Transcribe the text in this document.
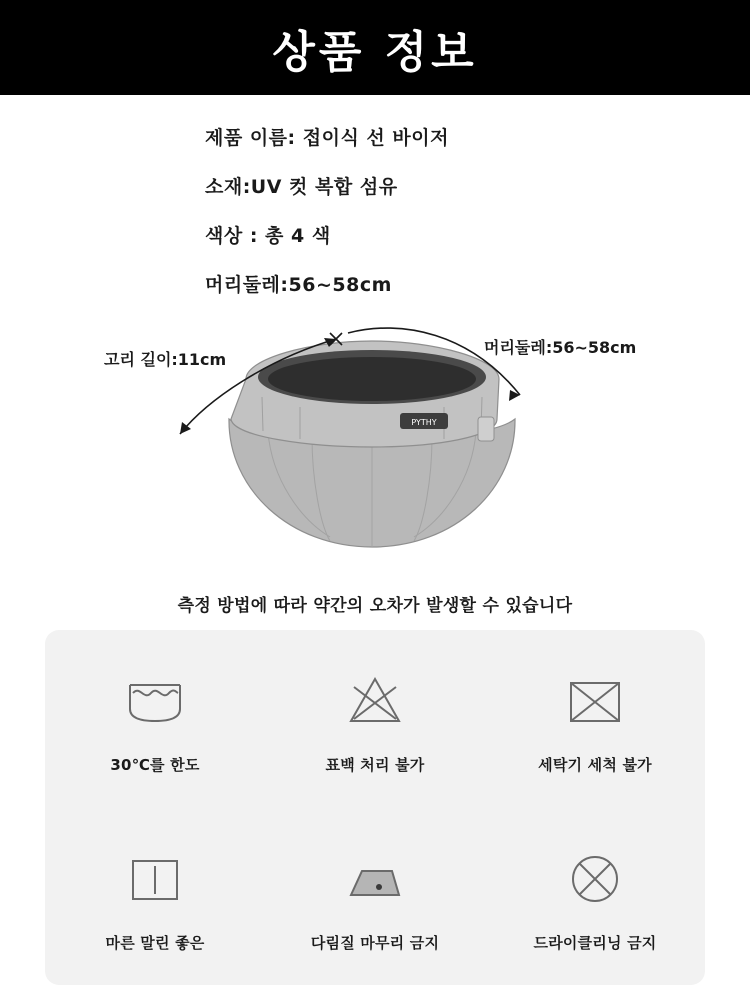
상품 정보
제품 이름: 접이식 선 바이저
소재:UV 컷 복합 섬유
색상 : 총 4 색
머리둘레:56~58cm
PYTHY
고리 길이:11cm
머리둘레:56~58cm
측정 방법에 따라 약간의 오차가 발생할 수 있습니다
30℃를 한도	표백 처리 불가	세탁기 세척 불가
마른 말린 좋은	다림질 마무리 금지	드라이클리닝 금지
